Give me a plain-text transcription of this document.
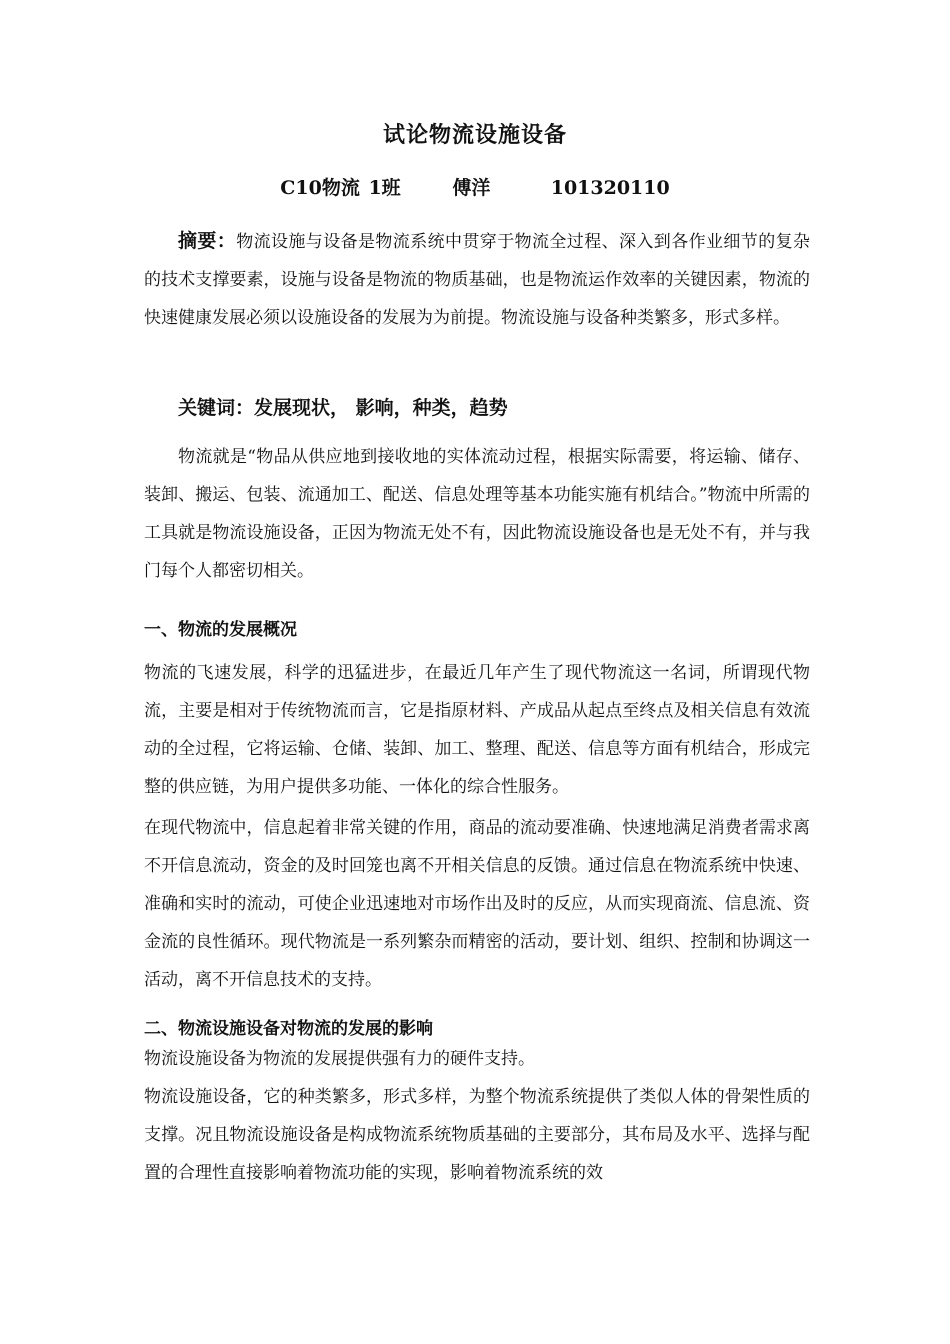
试论物流设施设备
C10物流 1班	傅洋	101320110
摘要：物流设施与设备是物流系统中贯穿于物流全过程、深入到各作业细节的复杂的技术支撑要素，设施与设备是物流的物质基础，也是物流运作效率的关键因素，物流的快速健康发展必须以设施设备的发展为为前提。物流设施与设备种类繁多，形式多样。
关键词：发展现状， 影响，种类，趋势
物流就是“物品从供应地到接收地的实体流动过程，根据实际需要，将运输、储存、装卸、搬运、包装、流通加工、配送、信息处理等基本功能实施有机结合。”物流中所需的工具就是物流设施设备，正因为物流无处不有，因此物流设施设备也是无处不有，并与我门每个人都密切相关。
一、物流的发展概况
物流的飞速发展，科学的迅猛进步，在最近几年产生了现代物流这一名词，所谓现代物流，主要是相对于传统物流而言，它是指原材料、产成品从起点至终点及相关信息有效流动的全过程，它将运输、仓储、装卸、加工、整理、配送、信息等方面有机结合，形成完整的供应链，为用户提供多功能、一体化的综合性服务。
在现代物流中，信息起着非常关键的作用，商品的流动要准确、快速地满足消费者需求离不开信息流动，资金的及时回笼也离不开相关信息的反馈。通过信息在物流系统中快速、准确和实时的流动，可使企业迅速地对市场作出及时的反应，从而实现商流、信息流、资金流的良性循环。现代物流是一系列繁杂而精密的活动，要计划、组织、控制和协调这一活动，离不开信息技术的支持。
二、物流设施设备对物流的发展的影响
物流设施设备为物流的发展提供强有力的硬件支持。
物流设施设备，它的种类繁多，形式多样，为整个物流系统提供了类似人体的骨架性质的支撑。况且物流设施设备是构成物流系统物质基础的主要部分，其布局及水平、选择与配置的合理性直接影响着物流功能的实现，影响着物流系统的效
